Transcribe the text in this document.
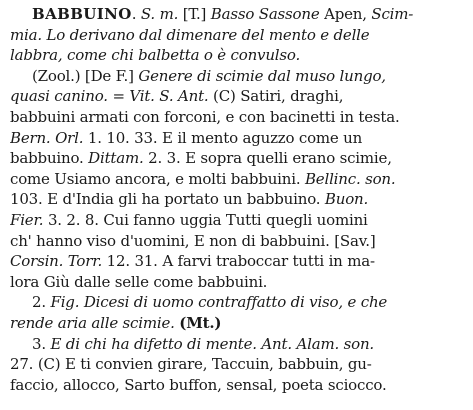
BABBUINO. S. m. [T.] Basso Sassone Apen, Scim-
mia. Lo derivano dal dimenare del mento e delle
labbra, come chi balbetta o è convulso.
(Zool.) [De F.] Genere di scimie dal muso lungo,
quasi canino. = Vit. S. Ant. (C) Satiri, draghi,
babbuini armati con forconi, e con bacinetti in testa.
Bern. Orl. 1. 10. 33. E il mento aguzzo come un
babbuino. Dittam. 2. 3. E sopra quelli erano scimie,
come Usiamo ancora, e molti babbuini. Bellinc. son.
103. E d'India gli ha portato un babbuino. Buon.
Fier. 3. 2. 8. Cui fanno uggia Tutti quegli uomini
ch' hanno viso d'uomini, E non di babbuini. [Sav.]
Corsin. Torr. 12. 31. A farvi traboccar tutti in ma-
lora Giù dalle selle come babbuini.
2. Fig. Dicesi di uomo contraffatto di viso, e che
rende aria alle scimie. (Mt.)
3. E di chi ha difetto di mente. Ant. Alam. son.
27. (C) E ti convien girare, Taccuin, babbuin, gu-
faccio, allocco, Sarto buffon, sensal, poeta sciocco.
